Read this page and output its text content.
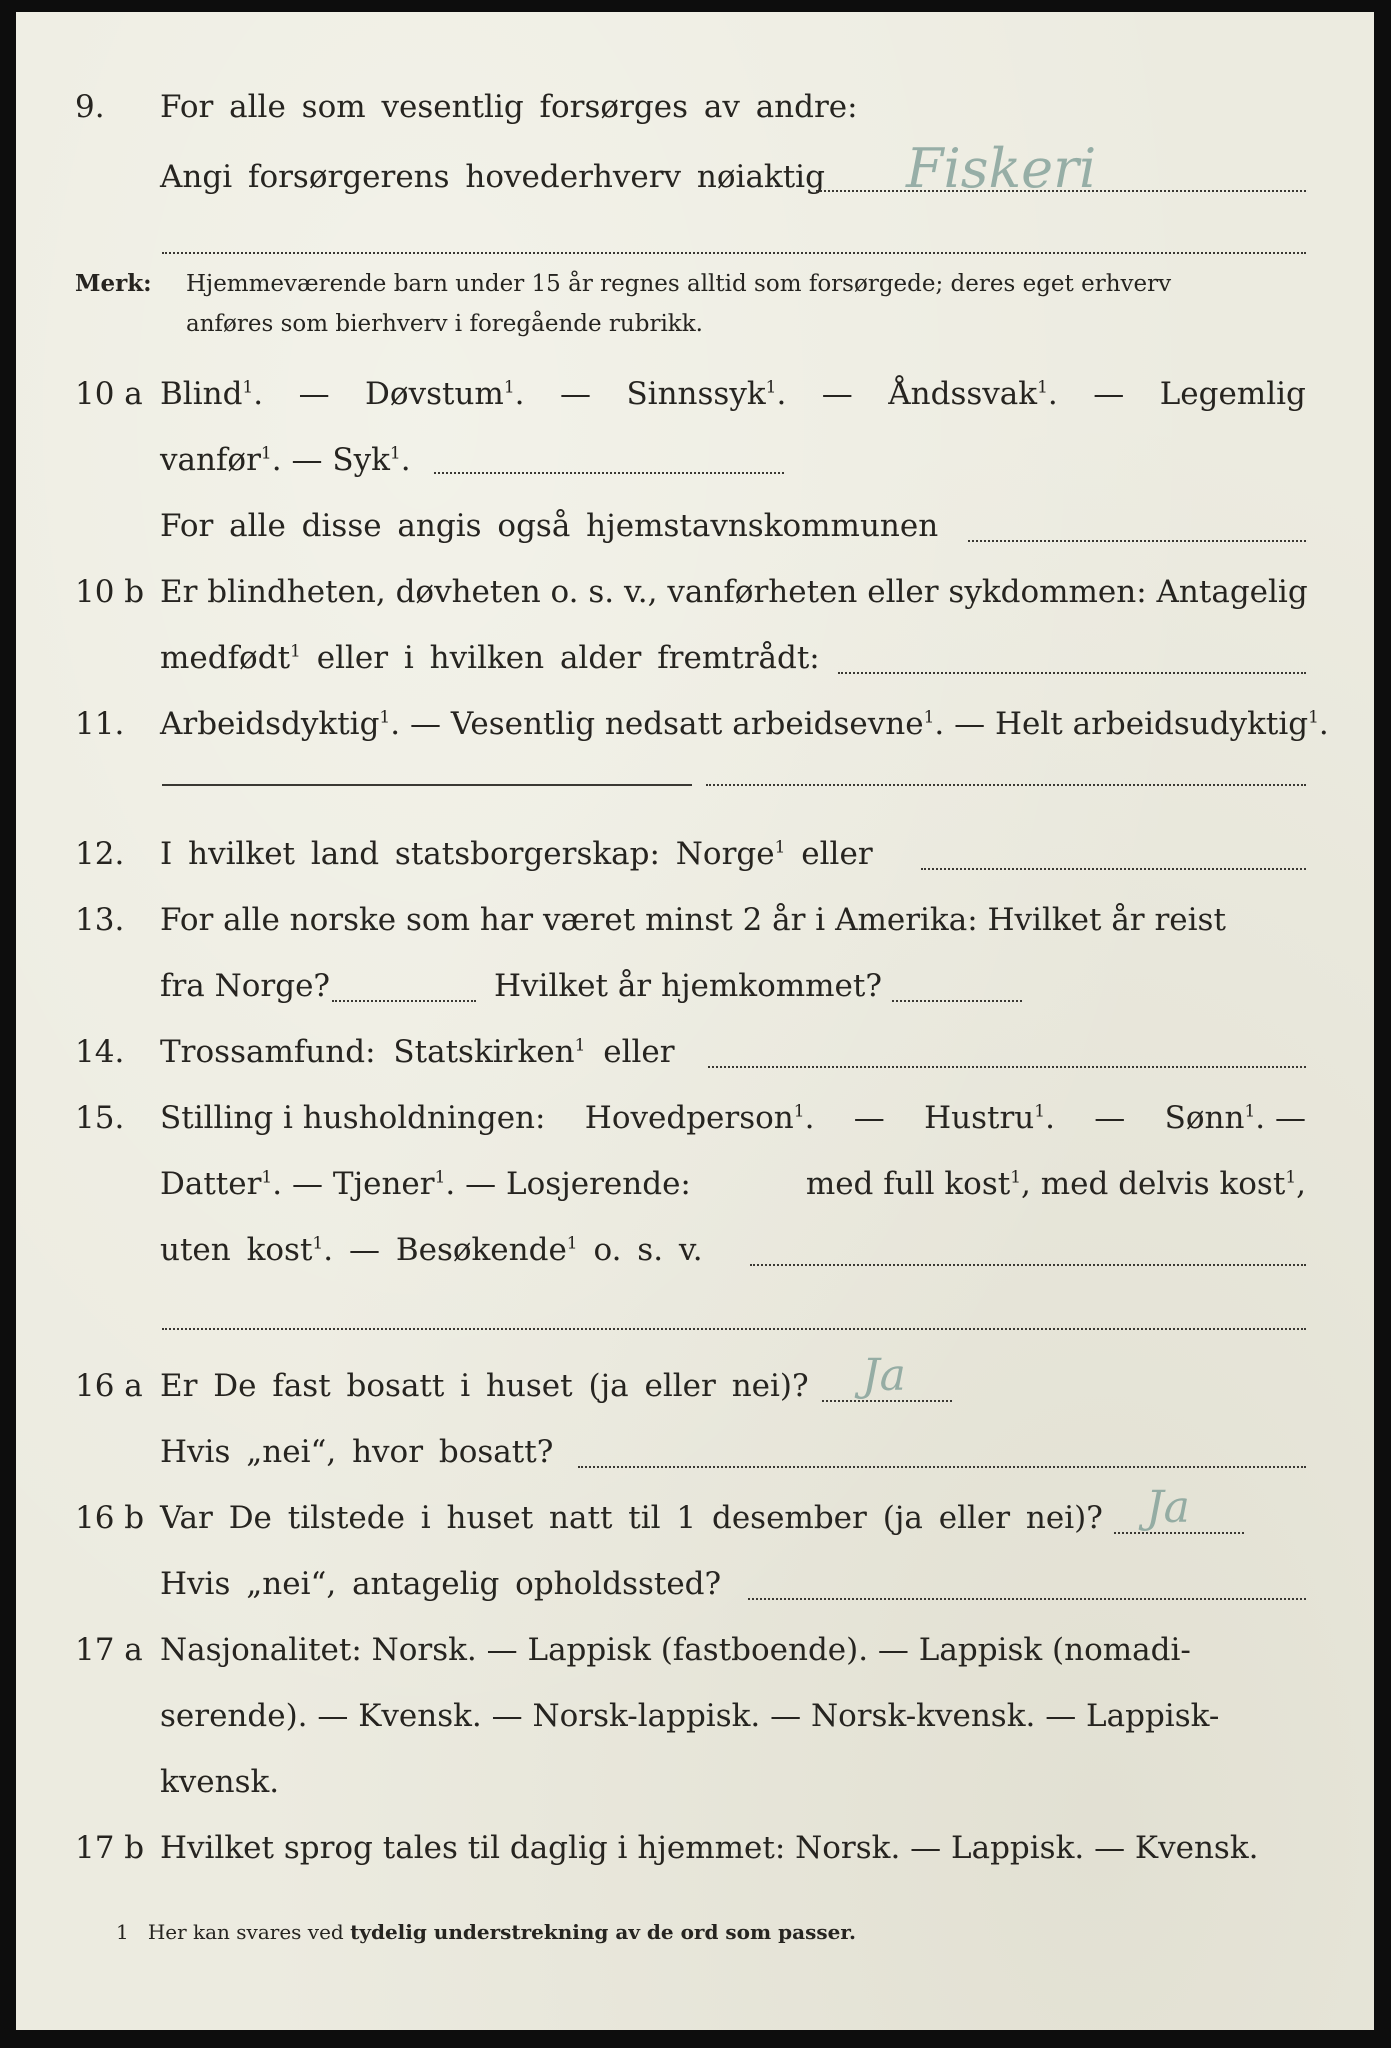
9. For alle som vesentlig forsørges av andre:
Angi forsørgerens hovederhverv nøiaktig Fiskeri
Merk: Hjemmeværende barn under 15 år regnes alltid som forsørgede; deres eget erhverv
anføres som bierhverv i foregående rubrikk.
10 a Blind$^1$. — Døvstum$^1$. — Sinnssyk$^1$. — Åndssvak$^1$. — Legemlig
vanfør$^1$. — Syk$^1$.
For alle disse angis også hjemstavnskommunen
10 b Er blindheten, døvheten o. s. v., vanførheten eller sykdommen: Antagelig
medfødt$^1$ eller i hvilken alder fremtrådt:
11. Arbeidsdyktig$^1$. — Vesentlig nedsatt arbeidsevne$^1$. — Helt arbeidsudyktig$^1$.
12. I hvilket land statsborgerskap: Norge$^1$ eller
13. For alle norske som har været minst 2 år i Amerika: Hvilket år reist
fra Norge?	Hvilket år hjemkommet?
14. Trossamfund: Statskirken$^1$ eller
15. Stilling i husholdningen: Hovedperson$^1$. — Hustru$^1$. — Sønn$^1$. —
Datter$^1$. — Tjener$^1$. — Losjerende:	med full kost$^1$, med delvis kost$^1$,
uten kost$^1$. — Besøkende$^1$ o. s. v.
16 a Er De fast bosatt i huset (ja eller nei)? Ja
Hvis „nei“, hvor bosatt?
16 b Var De tilstede i huset natt til 1 desember (ja eller nei)? Ja
Hvis „nei“, antagelig opholdssted?
17 a Nasjonalitet: Norsk. — Lappisk (fastboende). — Lappisk (nomadi-
serende). — Kvensk. — Norsk-lappisk. — Norsk-kvensk. — Lappisk-
kvensk.
17 b Hvilket sprog tales til daglig i hjemmet: Norsk. — Lappisk. — Kvensk.
1 Her kan svares ved tydelig understrekning av de ord som passer.
